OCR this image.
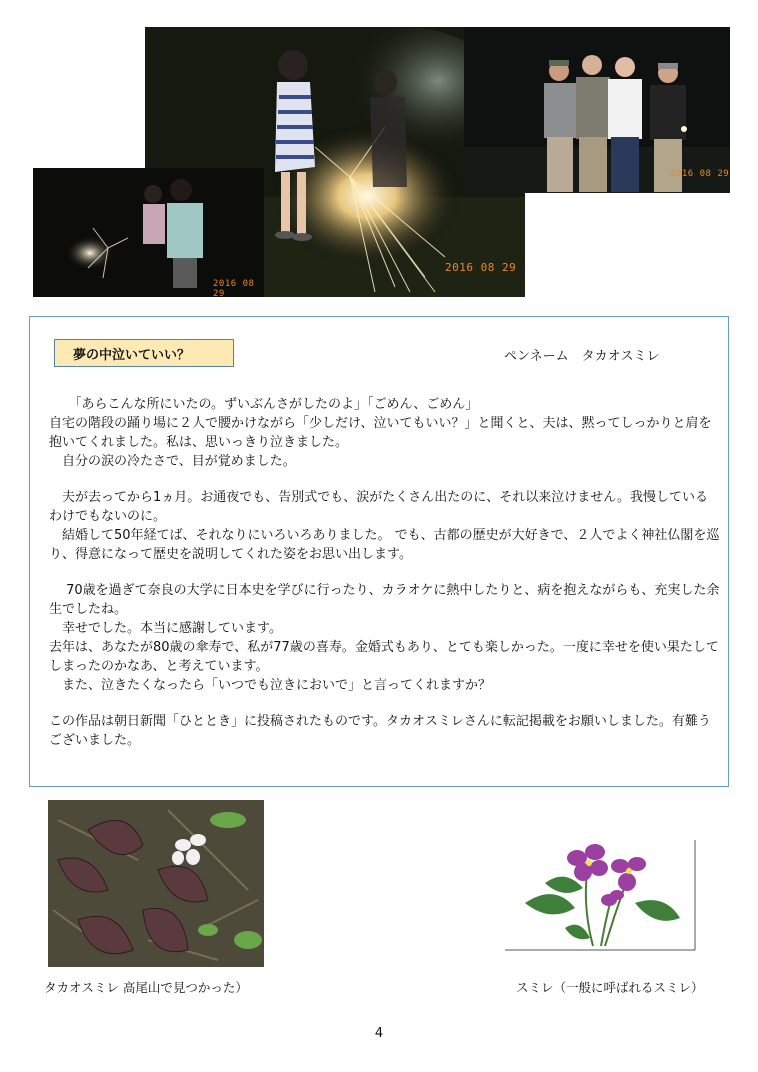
2016 08 29
2016 08 29
2016 08 29
夢の中泣いていい？	ペンネーム　タカオスミレ

　　「あらこんな所にいたの。ずいぶんさがしたのよ」「ごめん、ごめん」

自宅の階段の踊り場に２人で腰かけながら「少しだけ、泣いてもいい？」と聞くと、夫は、黙ってしっかりと肩を抱いてくれました。私は、思いっきり泣きました。

　自分の涙の冷たさで、目が覚めました。

　夫が去ってから1ヵ月。お通夜でも、告別式でも、涙がたくさん出たのに、それ以来泣けません。我慢しているわけでもないのに。

　結婚して50年経てば、それなりにいろいろありました。 でも、古都の歴史が大好きで、２人でよく神社仏閣を巡り、得意になって歴史を説明してくれた姿をお思い出します。

　 70歳を過ぎて奈良の大学に日本史を学びに行ったり、カラオケに熱中したりと、病を抱えながらも、充実した余生でしたね。

　幸せでした。本当に感謝しています。

去年は、あなたが80歳の傘寿で、私が77歳の喜寿。金婚式もあり、とても楽しかった。一度に幸せを使い果たしてしまったのかなあ、と考えています。

　また、泣きたくなったら「いつでも泣きにおいで」と言ってくれますか？

この作品は朝日新聞「ひととき」に投稿されたものです。タカオスミレさんに転記掲載をお願いしました。有難うございました。

タカオスミレ 高尾山で見つかった）	スミレ（一般に呼ばれるスミレ）
4
